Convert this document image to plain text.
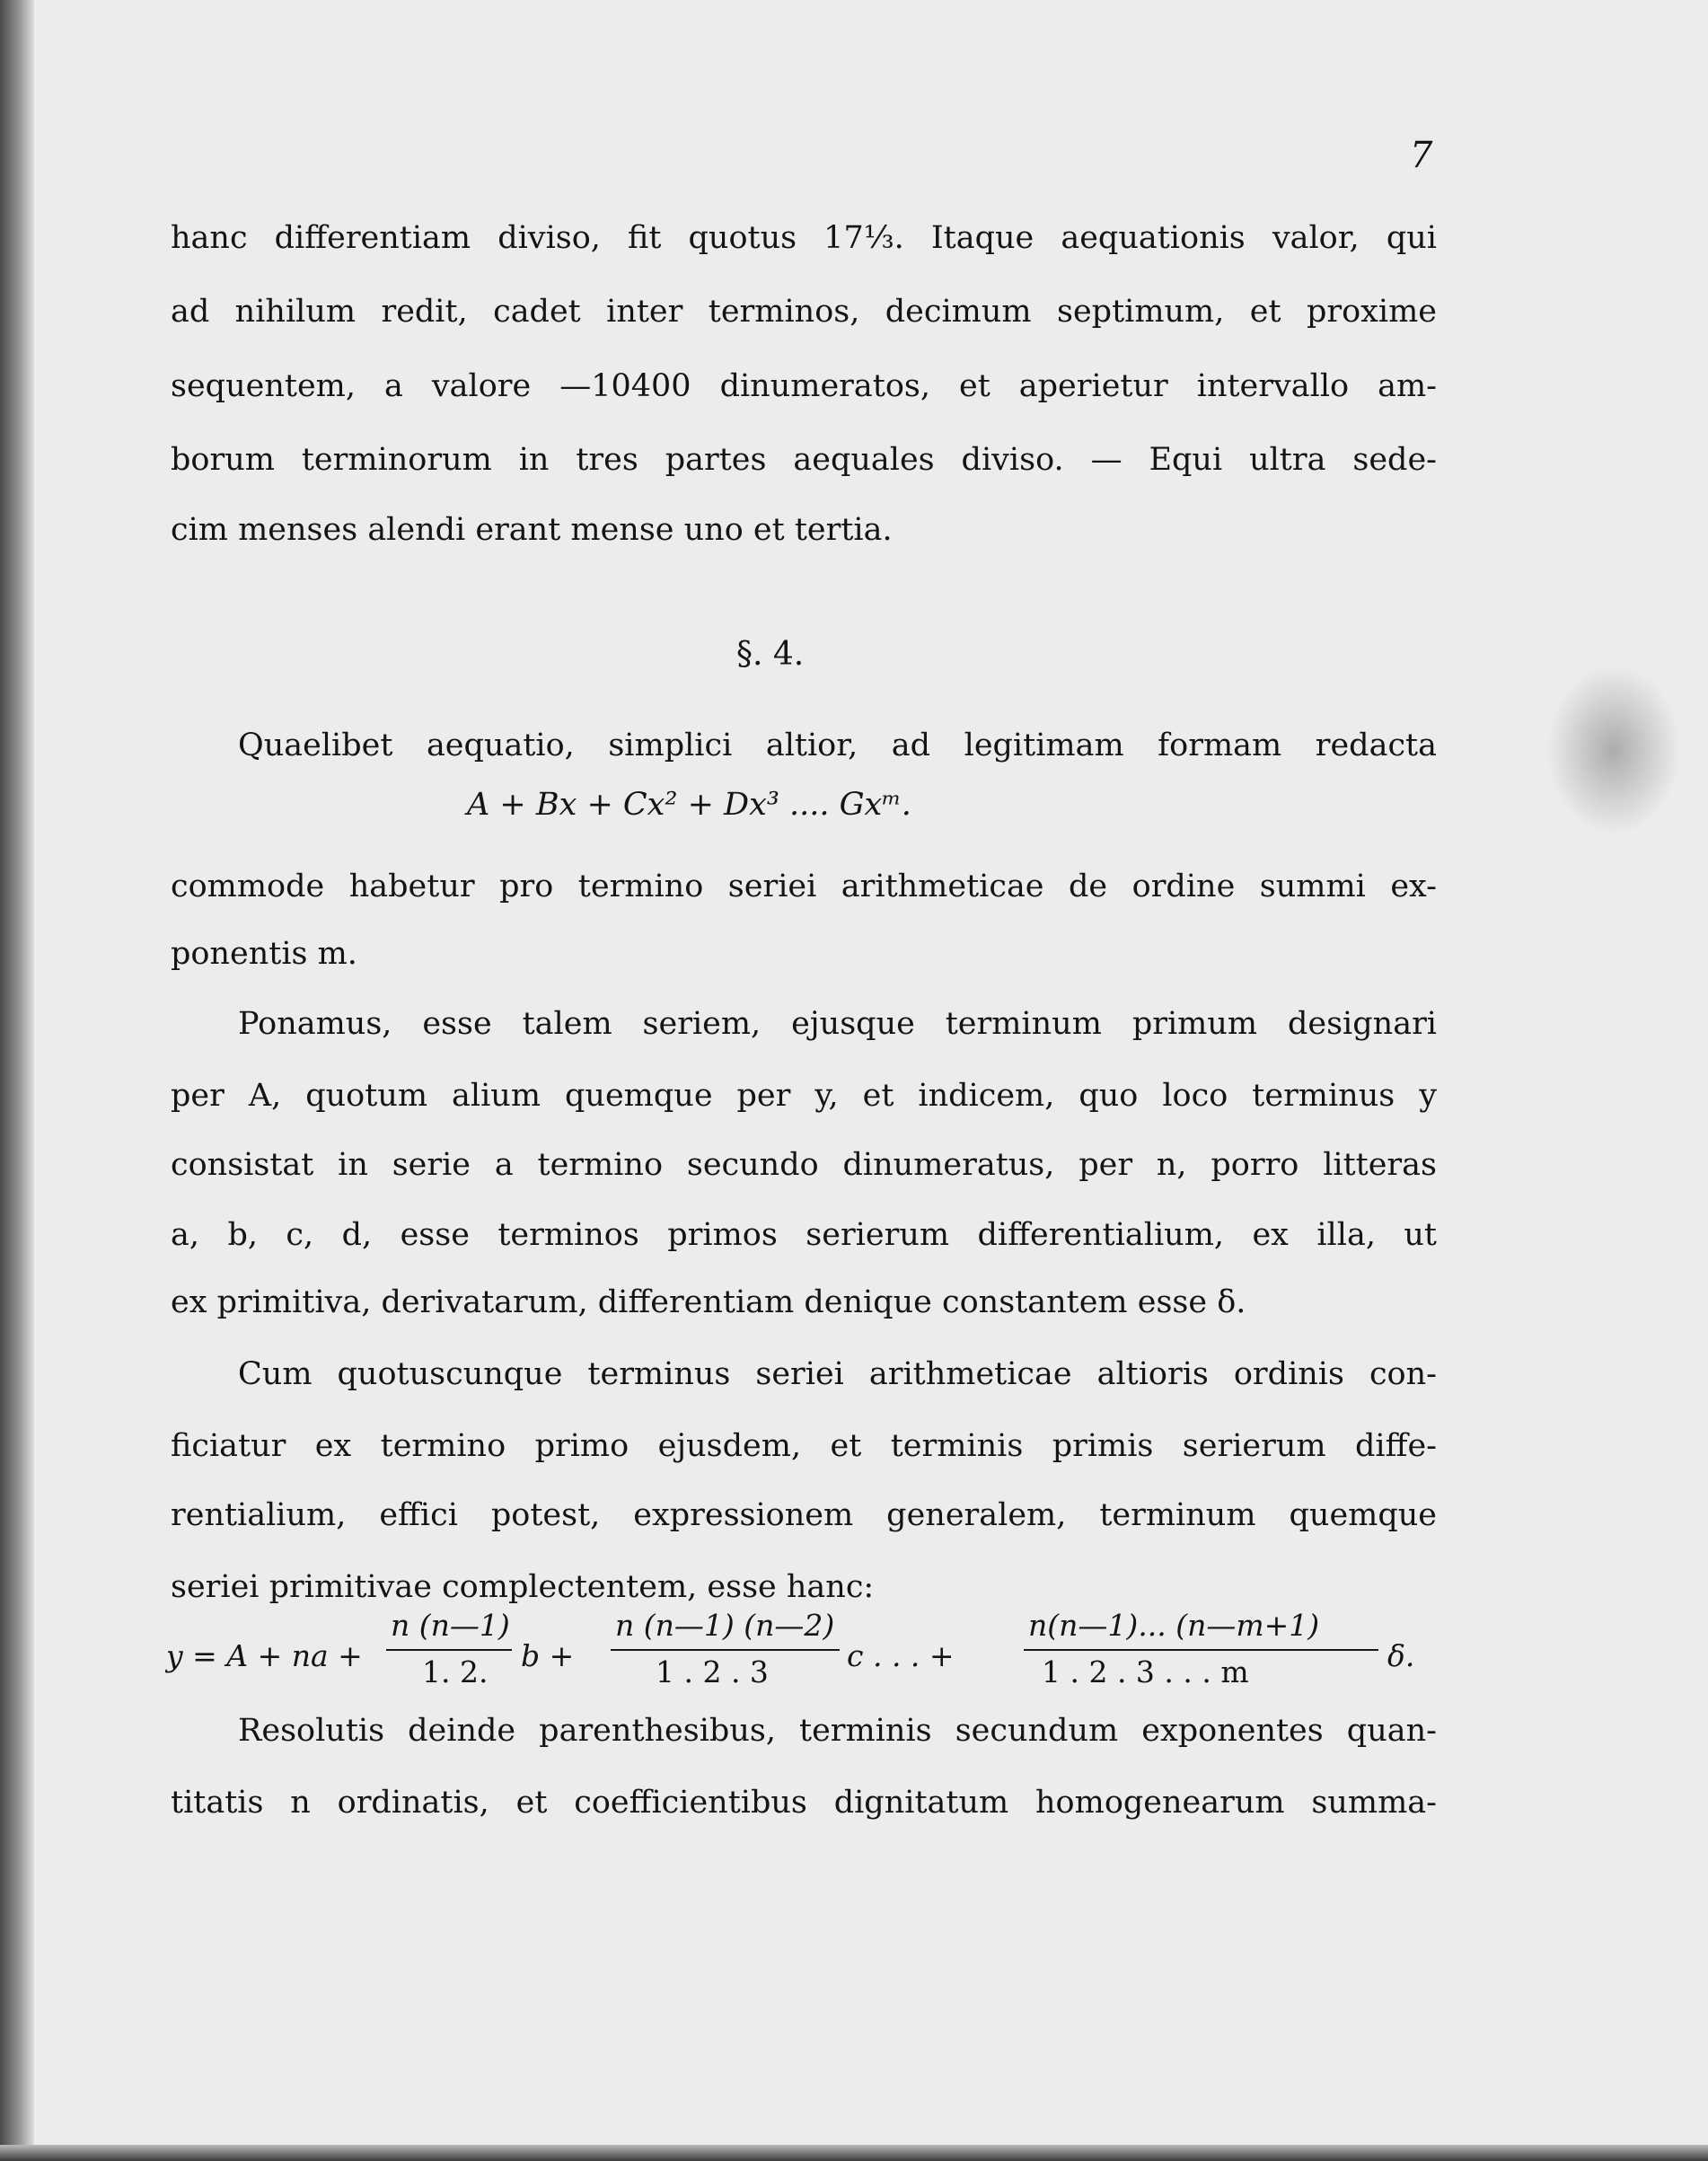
7
hanc differentiam diviso, fit quotus 17⅓. Itaque aequationis valor, qui
ad nihilum redit, cadet inter terminos, decimum septimum, et proxime
sequentem, a valore —10400 dinumeratos, et aperietur intervallo am-
borum terminorum in tres partes aequales diviso. — Equi ultra sede-
cim menses alendi erant mense uno et tertia.
§. 4.
Quaelibet aequatio, simplici altior, ad legitimam formam redacta
A + Bx + Cx² + Dx³ .... Gxᵐ.
commode habetur pro termino seriei arithmeticae de ordine summi ex-
ponentis m.
Ponamus, esse talem seriem, ejusque terminum primum designari
per A, quotum alium quemque per y, et indicem, quo loco terminus y
consistat in serie a termino secundo dinumeratus, per n, porro litteras
a, b, c, d, esse terminos primos serierum differentialium, ex illa, ut
ex primitiva, derivatarum, differentiam denique constantem esse δ.
Cum quotuscunque terminus seriei arithmeticae altioris ordinis con-
ficiatur ex termino primo ejusdem, et terminis primis serierum diffe-
rentialium, effici potest, expressionem generalem, terminum quemque
seriei primitivae complectentem, esse hanc:
y = A + na +
n (n—1)
1. 2. b +
n (n—1) (n—2)
1 . 2 . 3	c . . . +
n(n—1)... (n—m+1)
1 . 2 . 3 . . . m	δ.
Resolutis deinde parenthesibus, terminis secundum exponentes quan-
titatis n ordinatis, et coefficientibus dignitatum homogenearum summa-
